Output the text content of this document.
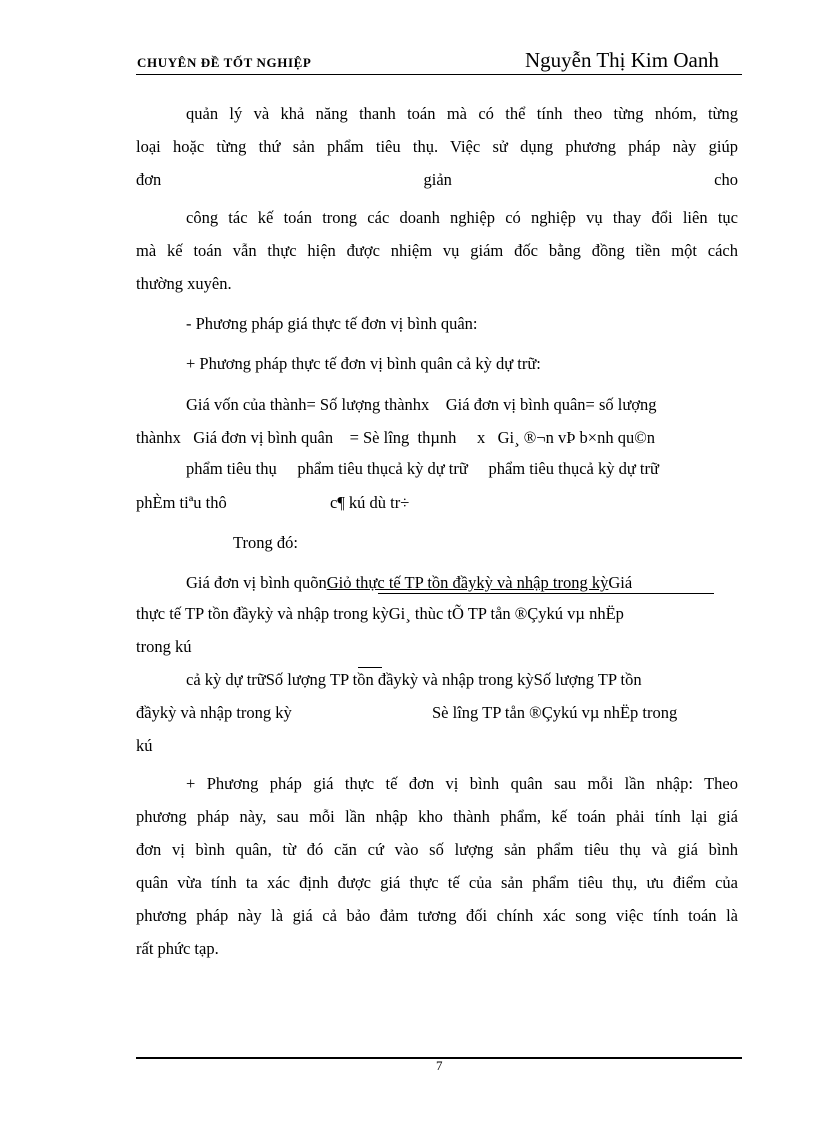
CHUYÊN ĐỀ TỐT NGHIỆP	Nguyễn Thị Kim Oanh
quản lý và khả năng thanh toán mà có thể tính theo từng nhóm, từng
loại hoặc từng thứ sản phẩm tiêu thụ. Việc sử dụng phương pháp này giúp
đơn	giản	cho
công tác kế toán trong các doanh nghiệp có nghiệp vụ thay đổi liên tục
mà kế toán vẫn thực hiện được nhiệm vụ giám đốc bằng đồng tiền một cách
thường xuyên.
- Phương pháp giá thực tế đơn vị bình quân:
+ Phương pháp thực tế đơn vị bình quân cả kỳ dự trữ:
Giá vốn của thành= Số lượng thànhx    Giá đơn vị bình quân= số lượng
thànhx   Giá đơn vị bình quân    = Sè lîng  thµnh     x   Gi¸ ®¬n vÞ b×nh qu©n
phẩm tiêu thụ     phẩm tiêu thụcả kỳ dự trữ     phẩm tiêu thụcả kỳ dự trữ
phÈm tiªu thô	c¶ kú dù tr÷
Trong đó:
Giá đơn vị bình quõnGiỏ thực tế TP tồn đầykỳ và nhập trong kỳGiá
thực tế TP tồn đầykỳ và nhập trong kỳGi¸ thùc tÕ TP tån ®Çykú vµ nhËp
trong kú
cả kỳ dự trữSố lượng TP tồn đầykỳ và nhập trong kỳSố lượng TP tồn
đầykỳ và nhập trong kỳ	Sè lîng TP tån ®Çykú vµ nhËp trong
kú
+ Phương pháp giá thực tế đơn vị bình quân sau mỗi lần nhập: Theo
phương pháp này, sau mỗi lần nhập kho thành phẩm, kế toán phải tính lại giá
đơn vị bình quân, từ đó căn cứ vào số lượng sản phẩm tiêu thụ và giá bình
quân vừa tính ta xác định được giá thực tế của sản phẩm tiêu thụ, ưu điểm của
phương pháp này là giá cả bảo đảm tương đối chính xác song việc tính toán là
rất phức tạp.
7
